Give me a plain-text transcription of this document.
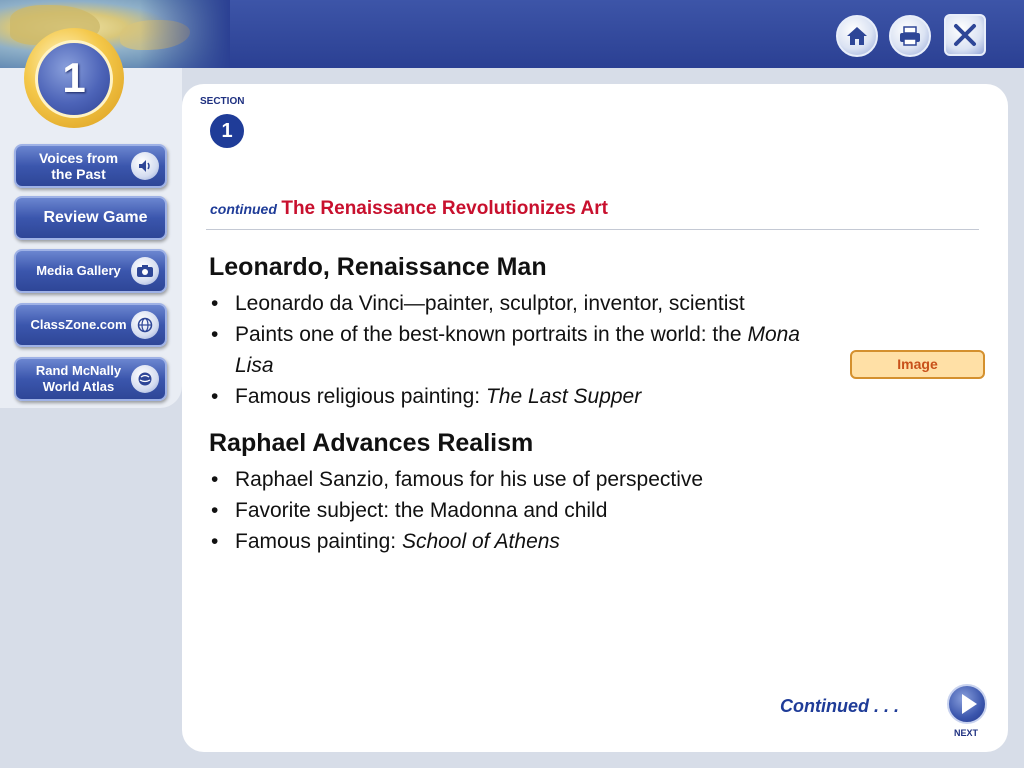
1
Voices from
the Past
Review Game
Media Gallery
ClassZone.com
Rand McNally
World Atlas
SECTION
1
continued The Renaissance Revolutionizes Art
Leonardo, Renaissance Man
• Leonardo da Vinci—painter, sculptor, inventor, scientist
• Paints one of the best-known portraits in the world: the Mona Lisa
• Famous religious painting: The Last Supper
Raphael Advances Realism
• Raphael Sanzio, famous for his use of perspective
• Favorite subject: the Madonna and child
• Famous painting: School of Athens
Image
Continued . . .
NEXT
